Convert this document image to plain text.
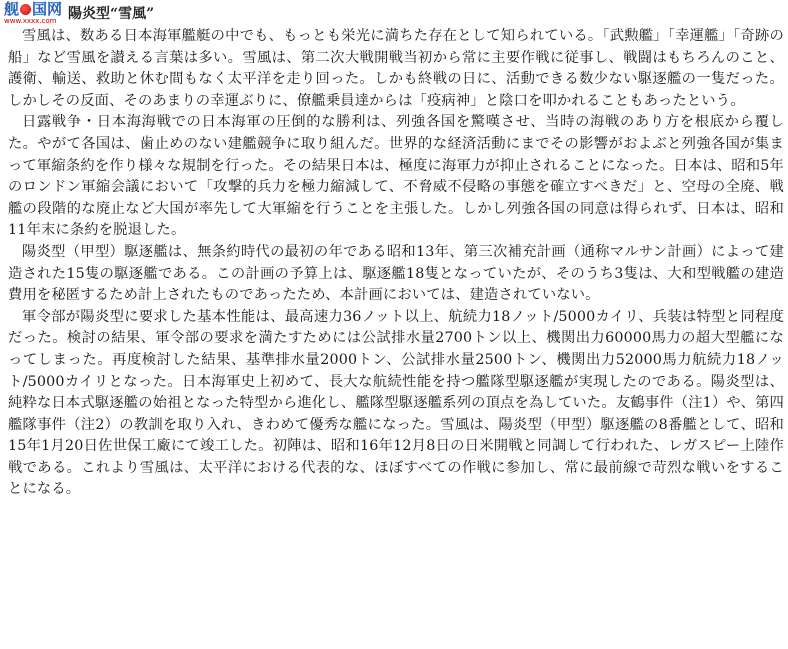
舰 国 网
www.xxxx.com 陽炎型“雪風”

雪風は、数ある日本海軍艦艇の中でも、もっとも栄光に満ちた存在として知られている。「武勲艦」「幸運艦」「奇跡の船」など雪風を讃える言葉は多い。雪風は、第二次大戦開戦当初から常に主要作戦に従事し、戦闘はもちろんのこと、護衛、輸送、救助と休む間もなく太平洋を走り回った。しかも終戦の日に、活動できる数少ない駆逐艦の一隻だった。しかしその反面、そのあまりの幸運ぶりに、僚艦乗員達からは「疫病神」と陰口を叩かれることもあったという。

日露戦争・日本海海戦での日本海軍の圧倒的な勝利は、列強各国を驚嘆させ、当時の海戦のあり方を根底から覆した。やがて各国は、歯止めのない建艦競争に取り組んだ。世界的な経済活動にまでその影響がおよぶと列強各国が集まって軍縮条約を作り様々な規制を行った。その結果日本は、極度に海軍力が抑止されることになった。日本は、昭和5年のロンドン軍縮会議において「攻撃的兵力を極力縮減して、不脅威不侵略の事態を確立すべきだ」と、空母の全廃、戦艦の段階的な廃止など大国が率先して大軍縮を行うことを主張した。しかし列強各国の同意は得られず、日本は、昭和11年末に条約を脱退した。

陽炎型（甲型）駆逐艦は、無条約時代の最初の年である昭和13年、第三次補充計画（通称マルサン計画）によって建造された15隻の駆逐艦である。この計画の予算上は、駆逐艦18隻となっていたが、そのうち3隻は、大和型戦艦の建造費用を秘匿するため計上されたものであったため、本計画においては、建造されていない。

軍令部が陽炎型に要求した基本性能は、最高速力36ノット以上、航続力18ノット/5000カイリ、兵装は特型と同程度だった。検討の結果、軍令部の要求を満たすためには公試排水量2700トン以上、機関出力60000馬力の超大型艦になってしまった。再度検討した結果、基準排水量2000トン、公試排水量2500トン、機関出力52000馬力航続力18ノット/5000カイリとなった。日本海軍史上初めて、長大な航続性能を持つ艦隊型駆逐艦が実現したのである。陽炎型は、純粋な日本式駆逐艦の始祖となった特型から進化し、艦隊型駆逐艦系列の頂点を為していた。友鶴事件（注1）や、第四艦隊事件（注2）の教訓を取り入れ、きわめて優秀な艦になった。雪風は、陽炎型（甲型）駆逐艦の8番艦として、昭和15年1月20日佐世保工廠にて竣工した。初陣は、昭和16年12月8日の日米開戦と同調して行われた、レガスピー上陸作戦である。これより雪風は、太平洋における代表的な、ほぼすべての作戦に参加し、常に最前線で苛烈な戦いをすることになる。
